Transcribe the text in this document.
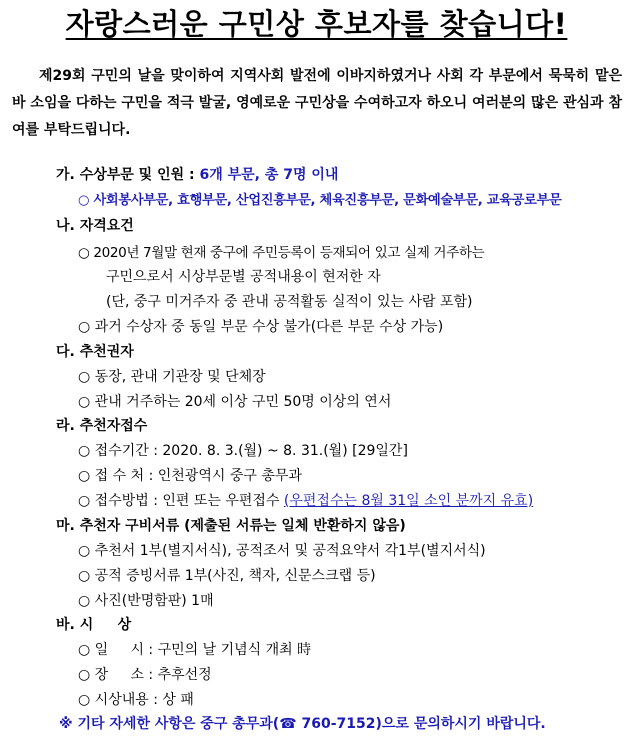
자랑스러운 구민상 후보자를 찾습니다!
제29회 구민의 날을 맞이하여 지역사회 발전에 이바지하였거나 사회 각 부문에서 묵묵히 맡은 바 소임을 다하는 구민을 적극 발굴, 영예로운 구민상을 수여하고자 하오니 여러분의 많은 관심과 참여를 부탁드립니다.
가. 수상부문 및 인원 : 6개 부문, 총 7명 이내
○ 사회봉사부문, 효행부문, 산업진흥부문, 체육진흥부문, 문화예술부문, 교육공로부문
나. 자격요건
○ 2020년 7월말 현재 중구에 주민등록이 등재되어 있고 실제 거주하는
구민으로서 시상부문별 공적내용이 현저한 자
(단, 중구 미거주자 중 관내 공적활동 실적이 있는 사람 포함)
○ 과거 수상자 중 동일 부문 수상 불가(다른 부문 수상 가능)
다. 추천권자
○ 동장, 관내 기관장 및 단체장
○ 관내 거주하는 20세 이상 구민 50명 이상의 연서
라. 추천자접수
○ 접수기간 : 2020. 8. 3.(월) ~ 8. 31.(월) [29일간]
○ 접 수 처 : 인천광역시 중구 총무과
○ 접수방법 : 인편 또는 우편접수 (우편접수는 8월 31일 소인 분까지 유효)
마. 추천자 구비서류 (제출된 서류는 일체 반환하지 않음)
○ 추천서 1부(별지서식), 공적조서 및 공적요약서 각1부(별지서식)
○ 공적 증빙서류 1부(사진, 책자, 신문스크랩 등)
○ 사진(반명함판) 1매
바. 시     상
○ 일     시 : 구민의 날 기념식 개최 時
○ 장     소 : 추후선정
○ 시상내용 : 상 패
※ 기타 자세한 사항은 중구 총무과(☎ 760-7152)으로 문의하시기 바랍니다.
